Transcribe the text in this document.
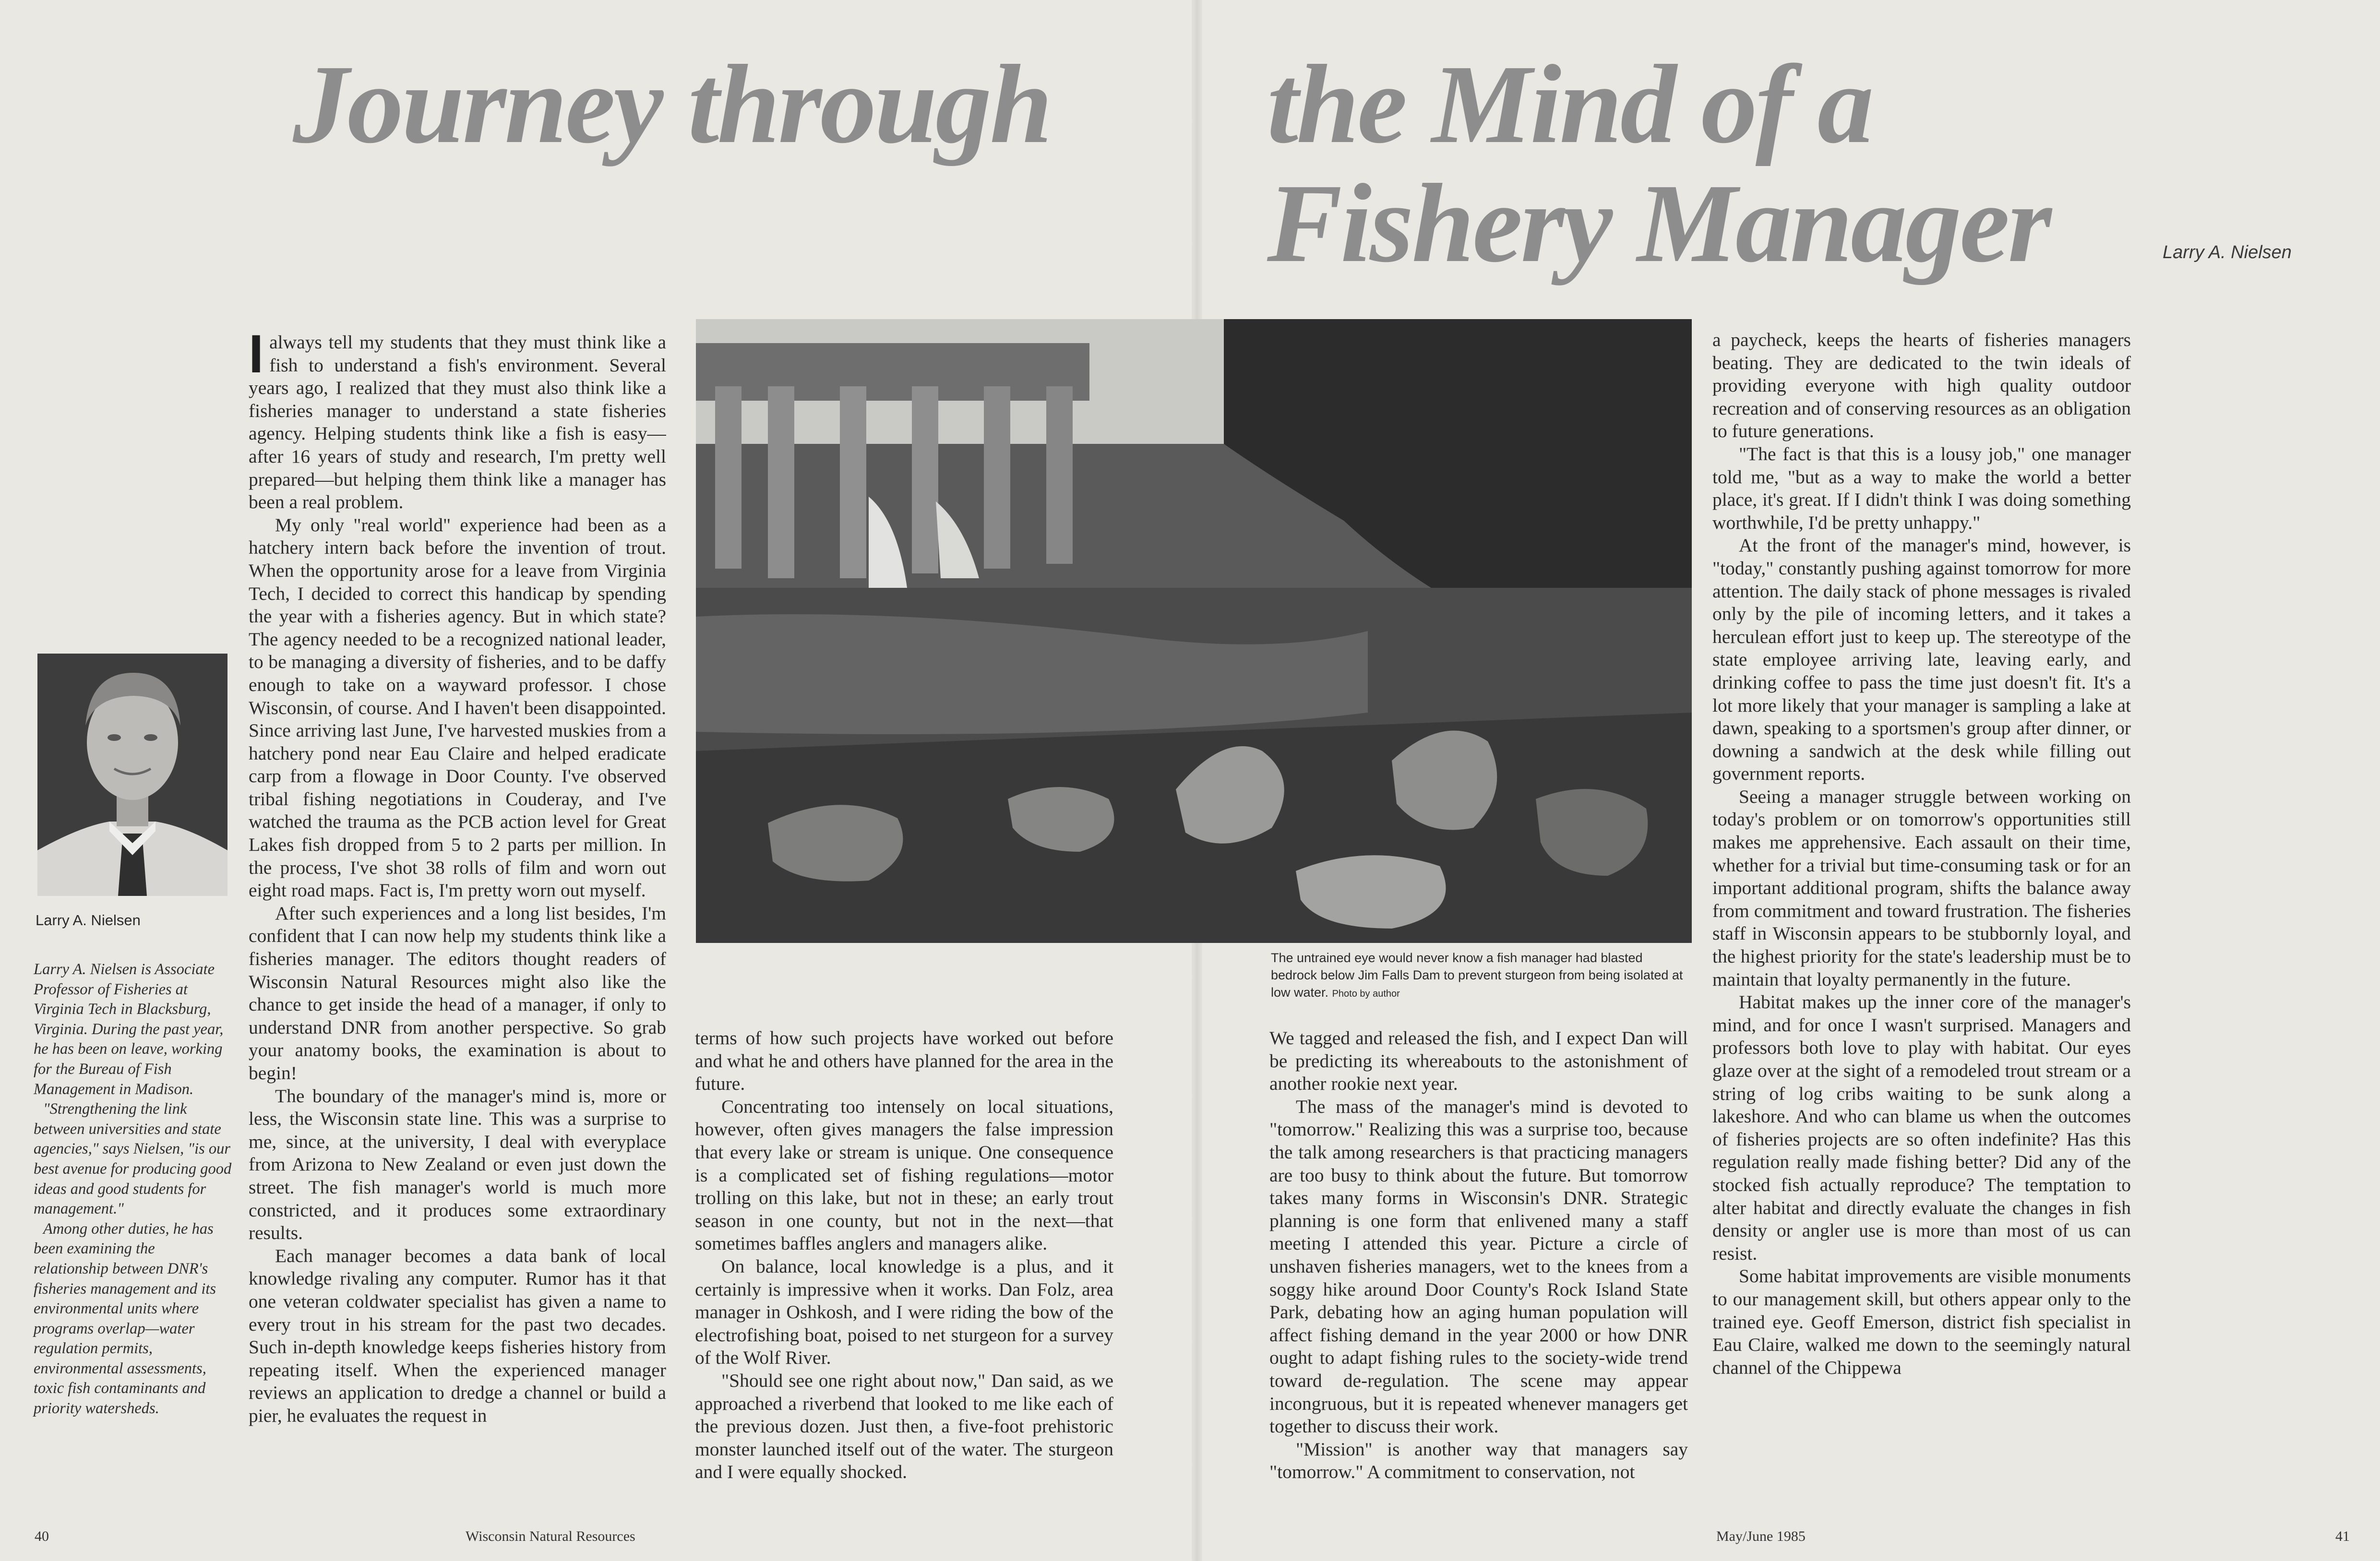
Journey through the Mind of a
Fishery Manager	Larry A. Nielsen
Larry A. Nielsen

Larry A. Nielsen is Associate Professor of Fisheries at Virginia Tech in Blacksburg, Virginia. During the past year, he has been on leave, working for the Bureau of Fish Management in Madison.

"Strengthening the link between universities and state agencies," says Nielsen, "is our best avenue for producing good ideas and good students for management."

Among other duties, he has been examining the relationship between DNR's fisheries management and its environmental units where programs overlap—water regulation permits, environmental assessments, toxic fish contaminants and priority watersheds.

Ialways tell my students that they must think like a fish to understand a fish's environment. Several years ago, I realized that they must also think like a fisheries manager to understand a state fisheries agency. Helping students think like a fish is easy—after 16 years of study and research, I'm pretty well prepared—but helping them think like a manager has been a real problem.

My only "real world" experience had been as a hatchery intern back before the invention of trout. When the opportunity arose for a leave from Virginia Tech, I decided to correct this handicap by spending the year with a fisheries agency. But in which state? The agency needed to be a recognized national leader, to be managing a diversity of fisheries, and to be daffy enough to take on a wayward professor. I chose Wisconsin, of course. And I haven't been disappointed. Since arriving last June, I've harvested muskies from a hatchery pond near Eau Claire and helped eradicate carp from a flowage in Door County. I've observed tribal fishing negotiations in Couderay, and I've watched the trauma as the PCB action level for Great Lakes fish dropped from 5 to 2 parts per million. In the process, I've shot 38 rolls of film and worn out eight road maps. Fact is, I'm pretty worn out myself.

After such experiences and a long list besides, I'm confident that I can now help my students think like a fisheries manager. The editors thought readers of Wisconsin Natural Resources might also like the chance to get inside the head of a manager, if only to understand DNR from another perspective. So grab your anatomy books, the examination is about to begin!

The boundary of the manager's mind is, more or less, the Wisconsin state line. This was a surprise to me, since, at the university, I deal with everyplace from Arizona to New Zealand or even just down the street. The fish manager's world is much more constricted, and it produces some extraordinary results.

Each manager becomes a data bank of local knowledge rivaling any computer. Rumor has it that one veteran coldwater specialist has given a name to every trout in his stream for the past two decades. Such in-depth knowledge keeps fisheries history from repeating itself. When the experienced manager reviews an application to dredge a channel or build a pier, he evaluates the request in

The untrained eye would never know a fish manager had blasted bedrock below Jim Falls Dam to prevent sturgeon from being isolated at low water. Photo by author

terms of how such projects have worked out before and what he and others have planned for the area in the future.

Concentrating too intensely on local situations, however, often gives managers the false impression that every lake or stream is unique. One consequence is a complicated set of fishing regulations—motor trolling on this lake, but not in these; an early trout season in one county, but not in the next—that sometimes baffles anglers and managers alike.

On balance, local knowledge is a plus, and it certainly is impressive when it works. Dan Folz, area manager in Oshkosh, and I were riding the bow of the electrofishing boat, poised to net sturgeon for a survey of the Wolf River.

"Should see one right about now," Dan said, as we approached a riverbend that looked to me like each of the previous dozen. Just then, a five-foot prehistoric monster launched itself out of the water. The sturgeon and I were equally shocked.

We tagged and released the fish, and I expect Dan will be predicting its whereabouts to the astonishment of another rookie next year.

The mass of the manager's mind is devoted to "tomorrow." Realizing this was a surprise too, because the talk among researchers is that practicing managers are too busy to think about the future. But tomorrow takes many forms in Wisconsin's DNR. Strategic planning is one form that enlivened many a staff meeting I attended this year. Picture a circle of unshaven fisheries managers, wet to the knees from a soggy hike around Door County's Rock Island State Park, debating how an aging human population will affect fishing demand in the year 2000 or how DNR ought to adapt fishing rules to the society-wide trend toward de-regulation. The scene may appear incongruous, but it is repeated whenever managers get together to discuss their work.

"Mission" is another way that managers say "tomorrow." A commitment to conservation, not

a paycheck, keeps the hearts of fisheries managers beating. They are dedicated to the twin ideals of providing everyone with high quality outdoor recreation and of conserving resources as an obligation to future generations.

"The fact is that this is a lousy job," one manager told me, "but as a way to make the world a better place, it's great. If I didn't think I was doing something worthwhile, I'd be pretty unhappy."

At the front of the manager's mind, however, is "today," constantly pushing against tomorrow for more attention. The daily stack of phone messages is rivaled only by the pile of incoming letters, and it takes a herculean effort just to keep up. The stereotype of the state employee arriving late, leaving early, and drinking coffee to pass the time just doesn't fit. It's a lot more likely that your manager is sampling a lake at dawn, speaking to a sportsmen's group after dinner, or downing a sandwich at the desk while filling out government reports.

Seeing a manager struggle between working on today's problem or on tomorrow's opportunities still makes me apprehensive. Each assault on their time, whether for a trivial but time-consuming task or for an important additional program, shifts the balance away from commitment and toward frustration. The fisheries staff in Wisconsin appears to be stubbornly loyal, and the highest priority for the state's leadership must be to maintain that loyalty permanently in the future.

Habitat makes up the inner core of the manager's mind, and for once I wasn't surprised. Managers and professors both love to play with habitat. Our eyes glaze over at the sight of a remodeled trout stream or a string of log cribs waiting to be sunk along a lakeshore. And who can blame us when the outcomes of fisheries projects are so often indefinite? Has this regulation really made fishing better? Did any of the stocked fish actually reproduce? The temptation to alter habitat and directly evaluate the changes in fish density or angler use is more than most of us can resist.

Some habitat improvements are visible monuments to our management skill, but others appear only to the trained eye. Geoff Emerson, district fish specialist in Eau Claire, walked me down to the seemingly natural channel of the Chippewa

40	Wisconsin Natural Resources	May/June 1985	41
